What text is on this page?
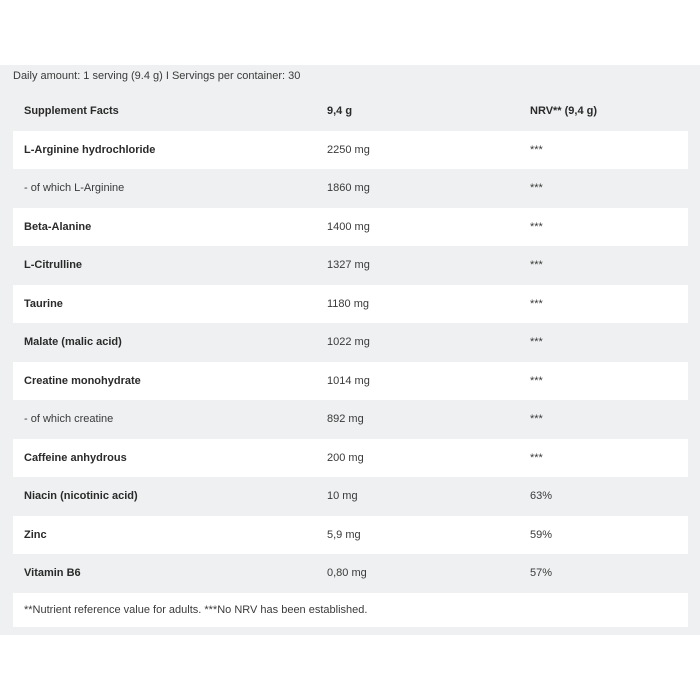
Daily amount: 1 serving (9.4 g) I Servings per container: 30
Supplement Facts	9,4 g	NRV** (9,4 g)
L-Arginine hydrochloride	2250 mg	***
- of which L-Arginine	1860 mg	***
Beta-Alanine	1400 mg	***
L-Citrulline	1327 mg	***
Taurine	1180 mg	***
Malate (malic acid)	1022 mg	***
Creatine monohydrate	1014 mg	***
- of which creatine	892 mg	***
Caffeine anhydrous	200 mg	***
Niacin (nicotinic acid)	10 mg	63%
Zinc	5,9 mg	59%
Vitamin B6	0,80 mg	57%
**Nutrient reference value for adults. ***No NRV has been established.
